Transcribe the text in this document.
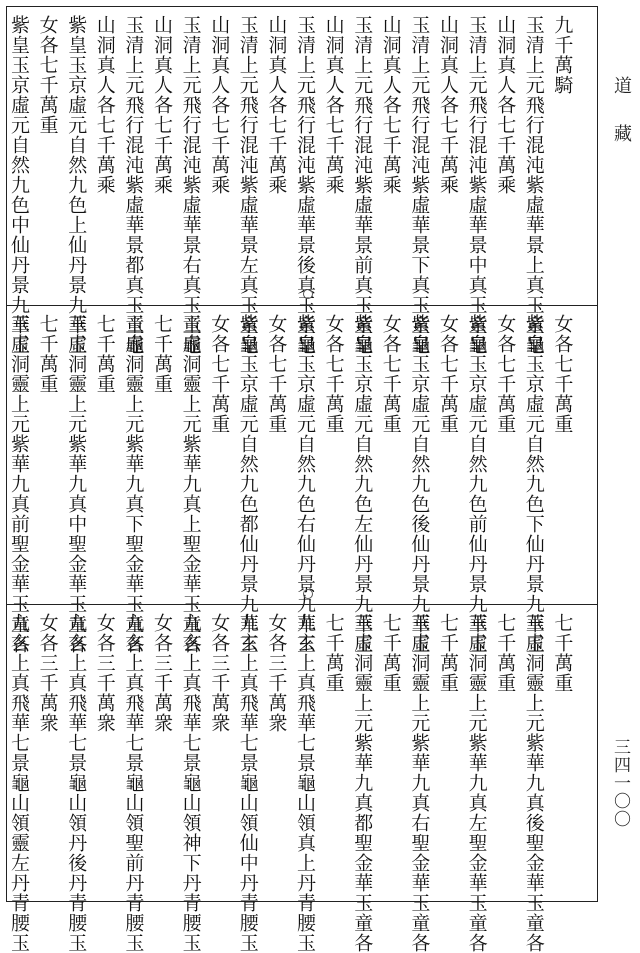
九千萬騎
玉清上元飛行混沌紫虛華景上真玉童龜
山洞真人各七千萬乘
玉清上元飛行混沌紫虛華景中真玉童龜
山洞真人各七千萬乘
玉清上元飛行混沌紫虛華景下真玉童龜
山洞真人各七千萬乘
玉清上元飛行混沌紫虛華景前真玉童龜
山洞真人各七千萬乘
玉清上元飛行混沌紫虛華景後真玉童龜
山洞真人各七千萬乘
玉清上元飛行混沌紫虛華景左真玉童龜
山洞真人各七千萬乘
玉清上元飛行混沌紫虛華景右真玉童龜
山洞真人各七千萬乘
玉清上元飛行混沌紫虛華景都真玉童龜
山洞真人各七千萬乘
紫皇玉京虛元自然九色上仙丹景九華玉
女各七千萬重
紫皇玉京虛元自然九色中仙丹景九華玉
女各七千萬重
紫皇玉京虛元自然九色下仙丹景九華玉
女各七千萬重
紫皇玉京虛元自然九色前仙丹景九華玉
女各七千萬重
紫皇玉京虛元自然九色後仙丹景九華玉
女各七千萬重
紫皇玉京虛元自然九色左仙丹景九華玉
女各七千萬重
紫皇玉京虛元自然九色右仙丹景九華玉
女各七千萬重
紫皇玉京虛元自然九色都仙丹景九華玉
女各七千萬重
玉虛洞靈上元紫華九真上聖金華玉童各
七千萬重
玉虛洞靈上元紫華九真下聖金華玉童各
七千萬重
玉虛洞靈上元紫華九真中聖金華玉童各
七千萬重
玉虛洞靈上元紫華九真前聖金華玉童各	七千萬重
玉虛洞靈上元紫華九真後聖金華玉童各
七千萬重
玉虛洞靈上元紫華九真左聖金華玉童各
七千萬重
玉虛洞靈上元紫華九真右聖金華玉童各
七千萬重
玉虛洞靈上元紫華九真都聖金華玉童各
七千萬重
九玄上真飛華七景龜山領真上丹青腰玉
女各三千萬衆
九玄上真飛華七景龜山領仙中丹青腰玉
女各三千萬衆
九玄上真飛華七景龜山領神下丹青腰玉
女各三千萬衆
九玄上真飛華七景龜山領聖前丹青腰玉
女各三千萬衆
九玄上真飛華七景龜山領丹後丹青腰玉
女各三千萬衆
九玄上真飛華七景龜山領靈左丹青腰玉
道藏
三四一〇〇
